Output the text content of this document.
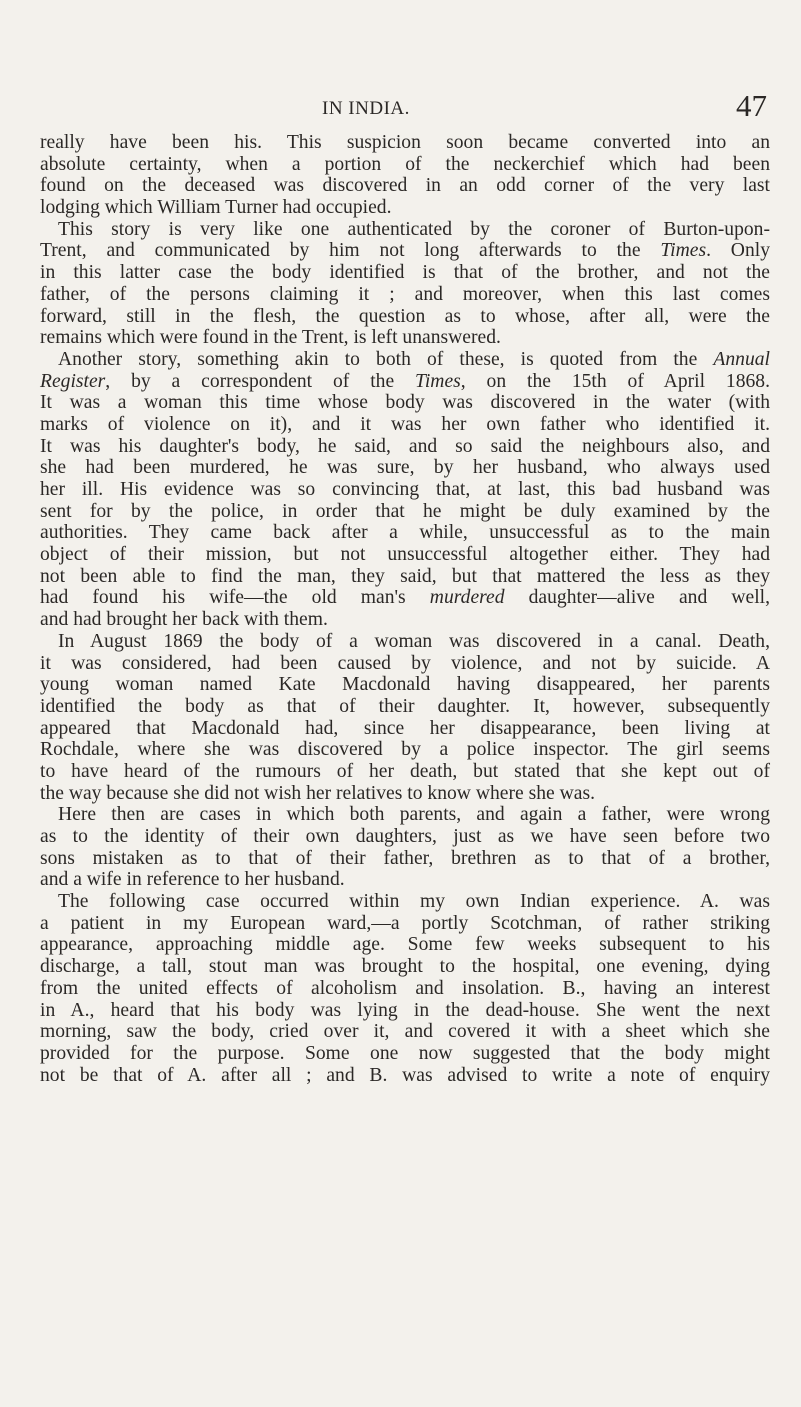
IN INDIA.	47
really have been his. This suspicion soon became converted into an
absolute certainty, when a portion of the neckerchief which had been
found on the deceased was discovered in an odd corner of the very last
lodging which William Turner had occupied.
This story is very like one authenticated by the coroner of Burton-upon-
Trent, and communicated by him not long afterwards to the Times. Only
in this latter case the body identified is that of the brother, and not the
father, of the persons claiming it ; and moreover, when this last comes
forward, still in the flesh, the question as to whose, after all, were the
remains which were found in the Trent, is left unanswered.
Another story, something akin to both of these, is quoted from the Annual
Register, by a correspondent of the Times, on the 15th of April 1868.
It was a woman this time whose body was discovered in the water (with
marks of violence on it), and it was her own father who identified it.
It was his daughter's body, he said, and so said the neighbours also, and
she had been murdered, he was sure, by her husband, who always used
her ill. His evidence was so convincing that, at last, this bad husband was
sent for by the police, in order that he might be duly examined by the
authorities. They came back after a while, unsuccessful as to the main
object of their mission, but not unsuccessful altogether either. They had
not been able to find the man, they said, but that mattered the less as they
had found his wife—the old man's murdered daughter—alive and well,
and had brought her back with them.
In August 1869 the body of a woman was discovered in a canal. Death,
it was considered, had been caused by violence, and not by suicide. A
young woman named Kate Macdonald having disappeared, her parents
identified the body as that of their daughter. It, however, subsequently
appeared that Macdonald had, since her disappearance, been living at
Rochdale, where she was discovered by a police inspector. The girl seems
to have heard of the rumours of her death, but stated that she kept out of
the way because she did not wish her relatives to know where she was.
Here then are cases in which both parents, and again a father, were wrong
as to the identity of their own daughters, just as we have seen before two
sons mistaken as to that of their father, brethren as to that of a brother,
and a wife in reference to her husband.
The following case occurred within my own Indian experience. A. was
a patient in my European ward,—a portly Scotchman, of rather striking
appearance, approaching middle age. Some few weeks subsequent to his
discharge, a tall, stout man was brought to the hospital, one evening, dying
from the united effects of alcoholism and insolation. B., having an interest
in A., heard that his body was lying in the dead-house. She went the next
morning, saw the body, cried over it, and covered it with a sheet which she
provided for the purpose. Some one now suggested that the body might
not be that of A. after all ; and B. was advised to write a note of enquiry
